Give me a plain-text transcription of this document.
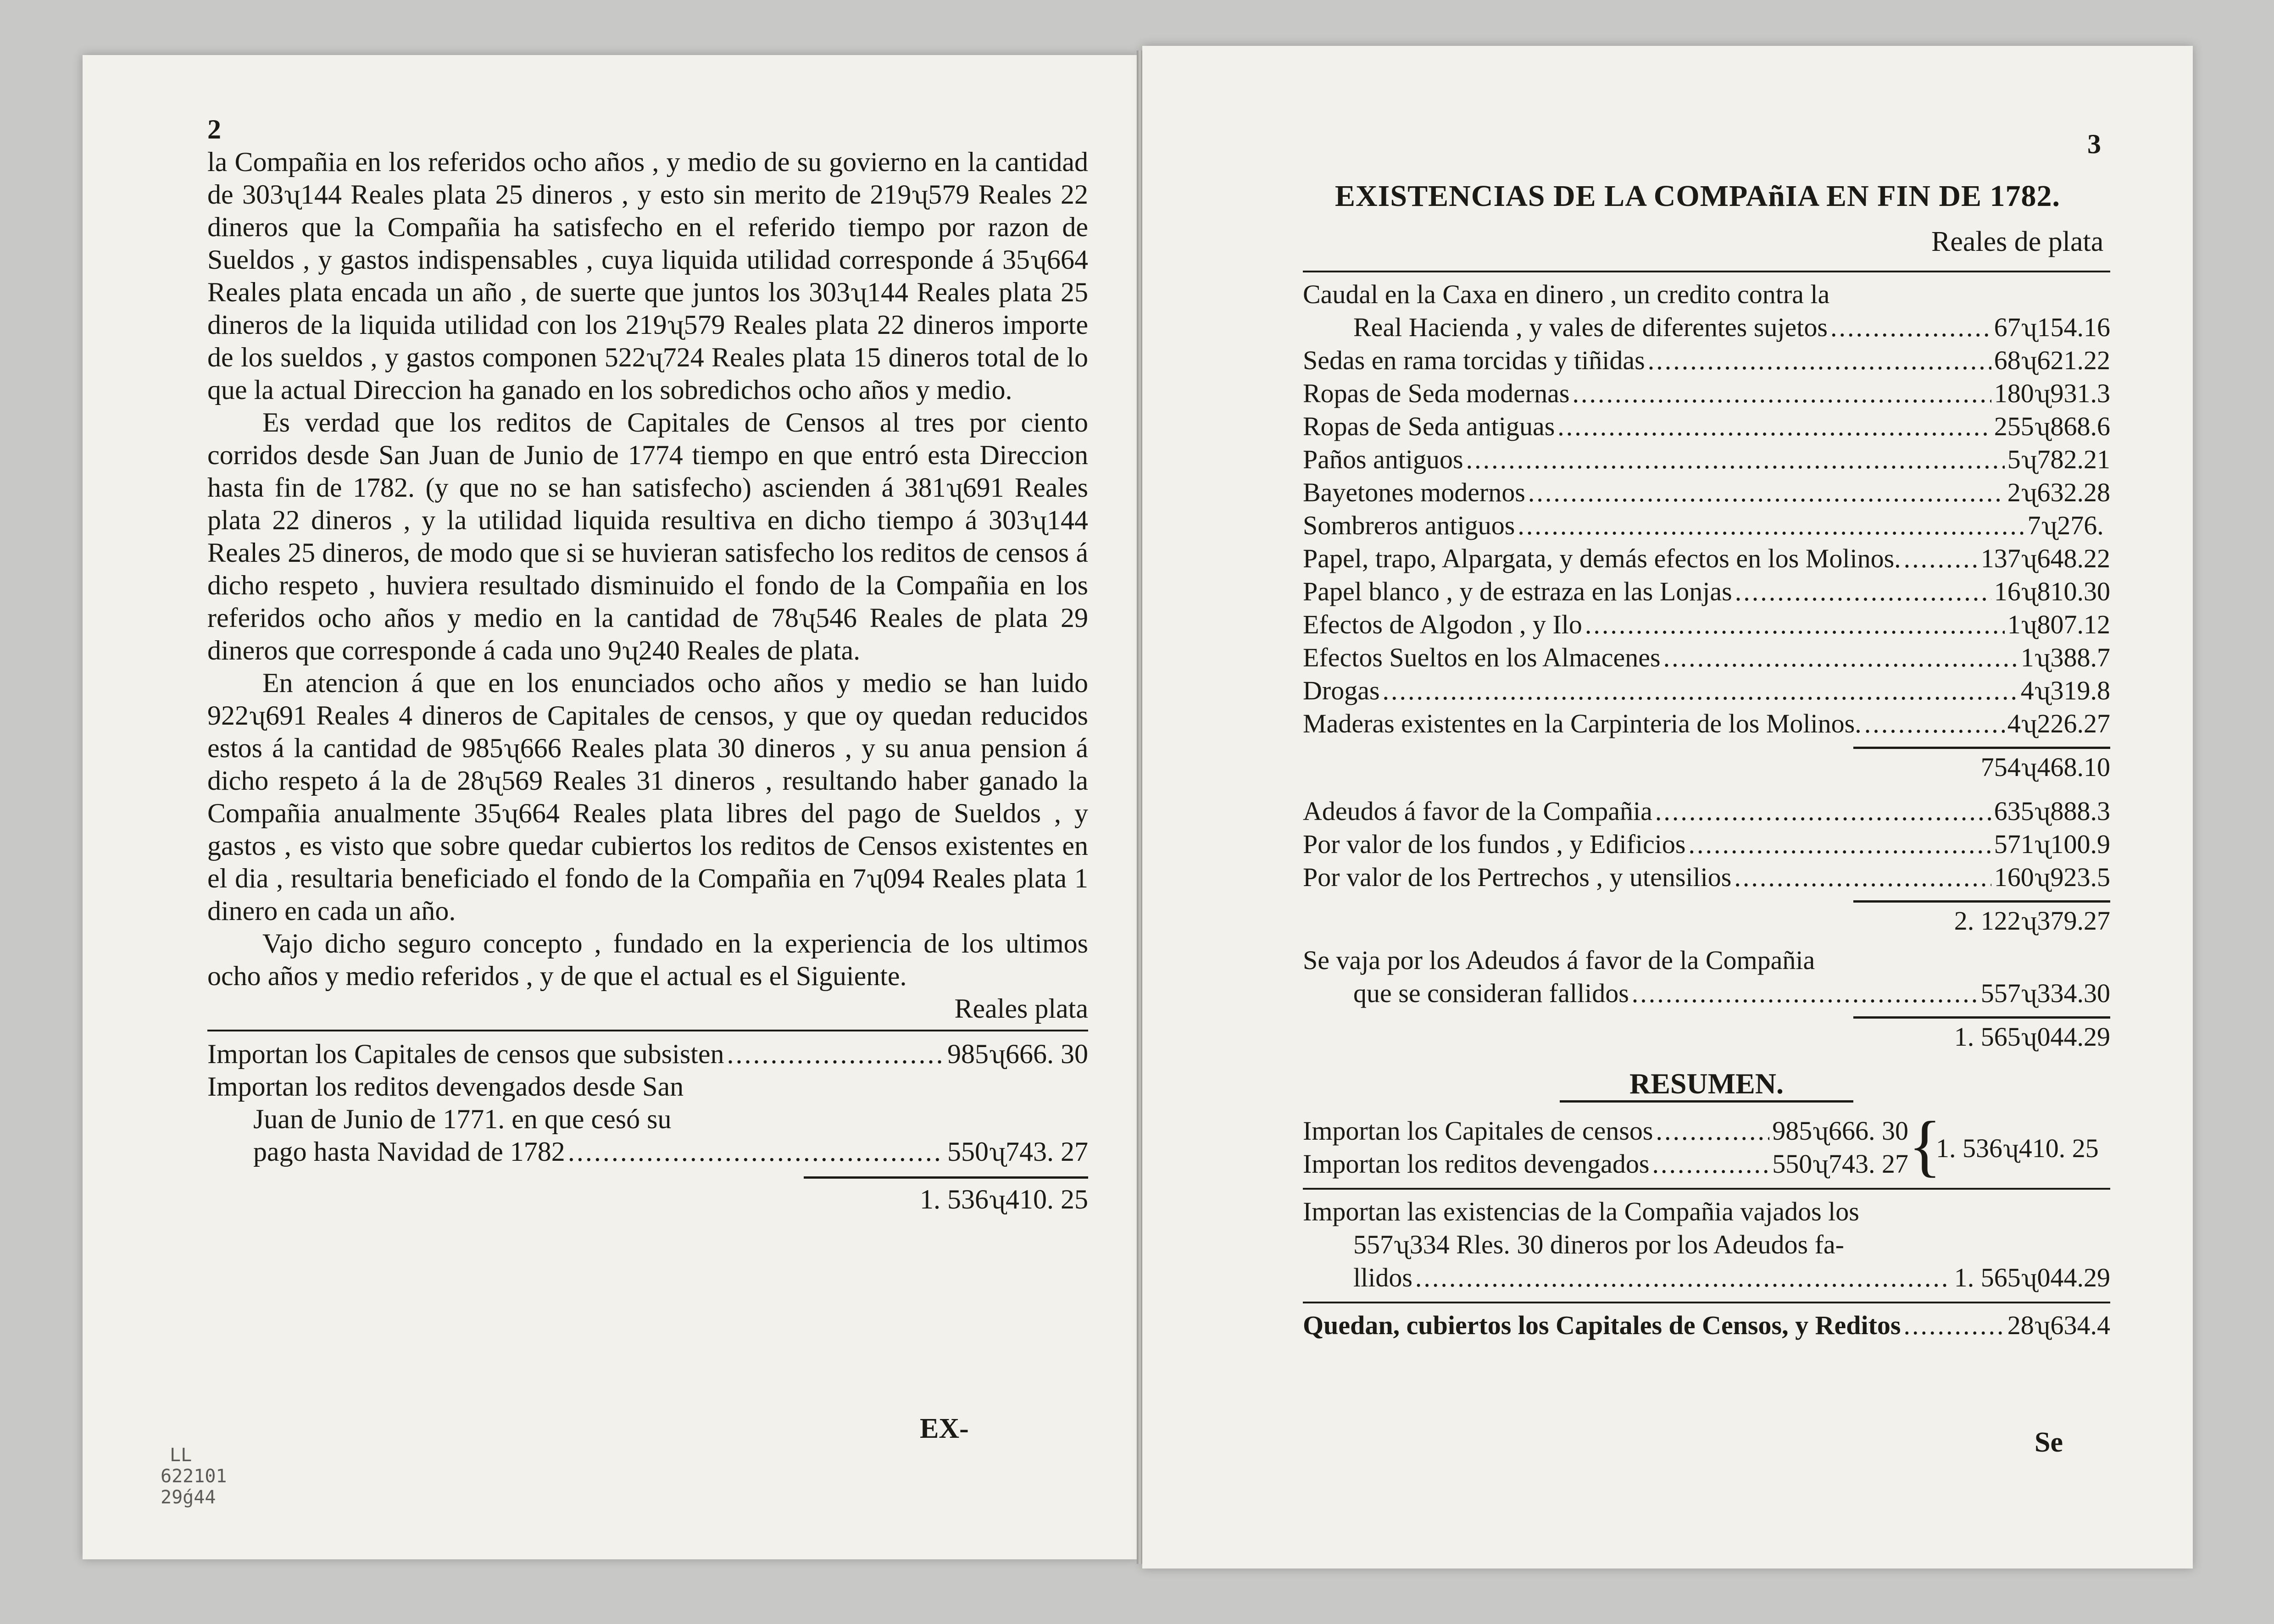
2

la Compañia en los referidos ocho años , y medio de su govierno en la cantidad de 303ʯ144 Reales plata 25 dineros , y esto sin merito de 219ʯ579 Reales 22 dineros que la Compañia ha satisfecho en el referido tiempo por razon de Sueldos , y gastos indispensables , cuya liquida utilidad corresponde á 35ʯ664 Reales plata encada un año , de suerte que juntos los 303ʯ144 Reales plata 25 dineros de la liquida utilidad con los 219ʯ579 Reales plata 22 dineros importe de los sueldos , y gastos componen 522ʯ724 Reales plata 15 dineros total de lo que la actual Direccion ha ganado en los sobredichos ocho años y medio.

Es verdad que los reditos de Capitales de Censos al tres por ciento corridos desde San Juan de Junio de 1774 tiempo en que entró esta Direccion hasta fin de 1782. (y que no se han satisfecho) ascienden á 381ʯ691 Reales plata 22 dineros , y la utilidad liquida resultiva en dicho tiempo á 303ʯ144 Reales 25 dineros, de modo que si se huvieran satisfecho los reditos de censos á dicho respeto , huviera resultado disminuido el fondo de la Compañia en los referidos ocho años y medio en la cantidad de 78ʯ546 Reales de plata 29 dineros que corresponde á cada uno 9ʯ240 Reales de plata.

En atencion á que en los enunciados ocho años y medio se han luido 922ʯ691 Reales 4 dineros de Capitales de censos, y que oy quedan reducidos estos á la cantidad de 985ʯ666 Reales plata 30 dineros , y su anua pension á dicho respeto á la de 28ʯ569 Reales 31 dineros , resultando haber ganado la Compañia anualmente 35ʯ664 Reales plata libres del pago de Sueldos , y gastos , es visto que sobre quedar cubiertos los reditos de Censos existentes en el dia , resultaria beneficiado el fondo de la Compañia en 7ʯ094 Reales plata 1 dinero en cada un año.

Vajo dicho seguro concepto , fundado en la experiencia de los ultimos ocho años y medio referidos , y de que el actual es el Siguiente.

Reales plata
Importan los Capitales de censos que subsisten .....	985ʯ666. 30
Importan los reditos devengados desde San
Juan de Junio de 1771. en que cesó su
pago hasta Navidad de 1782 .....	550ʯ743. 27
1. 536ʯ410. 25
EX-
LL
622101
29ǵ44
3
EXISTENCIAS DE LA COMPAñIA EN FIN DE 1782.
Reales de plata
Caudal en la Caxa en dinero , un credito contra la
Real Hacienda , y vales de diferentes sujetos .....	67ʯ154. 16
Sedas en rama torcidas y tiñidas .....	68ʯ621. 22
Ropas de Seda modernas .....	180ʯ931. 3
Ropas de Seda antiguas .....	255ʯ868. 6
Paños antiguos .....	5ʯ782. 21
Bayetones modernos .....	2ʯ632. 28
Sombreros antiguos .....	7ʯ276.
Papel, trapo, Alpargata, y demás efectos en los Molinos. .....	137ʯ648. 22
Papel blanco , y de estraza en las Lonjas .....	16ʯ810. 30
Efectos de Algodon , y Ilo .....	1ʯ807. 12
Efectos Sueltos en los Almacenes .....	1ʯ388. 7
Drogas .....	4ʯ319. 8
Maderas existentes en la Carpinteria de los Molinos. .....	4ʯ226. 27
754ʯ468. 10
Adeudos á favor de la Compañia .....	635ʯ888. 3
Por valor de los fundos , y Edificios .....	571ʯ100. 9
Por valor de los Pertrechos , y utensilios .....	160ʯ923. 5
2. 122ʯ379. 27
Se vaja por los Adeudos á favor de la Compañia
que se consideran fallidos .....	557ʯ334. 30
1. 565ʯ044. 29
RESUMEN.
Importan los Capitales de censos .....	985ʯ666. 30
Importan los reditos devengados .....	550ʯ743. 27 {
1. 536ʯ410. 25
Importan las existencias de la Compañia vajados los
557ʯ334 Rles. 30 dineros por los Adeudos fa-
llidos .....	1. 565ʯ044. 29
Quedan, cubiertos los Capitales de Censos, y Reditos .....	28ʯ634. 4
Se
